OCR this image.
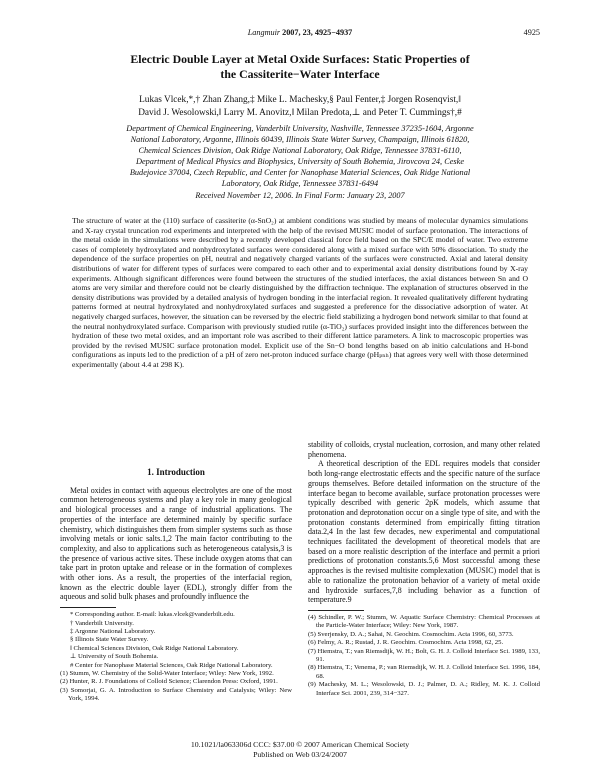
Langmuir 2007, 23, 4925−4937	4925
Electric Double Layer at Metal Oxide Surfaces: Static Properties of
the Cassiterite−Water Interface
Lukas Vlcek,*,† Zhan Zhang,‡ Mike L. Machesky,§ Paul Fenter,‡ Jorgen Rosenqvist,‖
David J. Wesolowski,‖ Larry M. Anovitz,‖ Milan Predota,⊥ and Peter T. Cummings†,#
Department of Chemical Engineering, Vanderbilt University, Nashville, Tennessee 37235-1604, Argonne
National Laboratory, Argonne, Illinois 60439, Illinois State Water Survey, Champaign, Illinois 61820,
Chemical Sciences Division, Oak Ridge National Laboratory, Oak Ridge, Tennessee 37831-6110,
Department of Medical Physics and Biophysics, University of South Bohemia, Jirovcova 24, Ceske
Budejovice 37004, Czech Republic, and Center for Nanophase Material Sciences, Oak Ridge National
Laboratory, Oak Ridge, Tennessee 37831-6494
Received November 12, 2006. In Final Form: January 23, 2007
The structure of water at the (110) surface of cassiterite (α-SnO₂) at ambient conditions was studied by means of molecular dynamics simulations and X-ray crystal truncation rod experiments and interpreted with the help of the revised MUSIC model of surface protonation. The interactions of the metal oxide in the simulations were described by a recently developed classical force field based on the SPC/E model of water. Two extreme cases of completely hydroxylated and nonhydroxylated surfaces were considered along with a mixed surface with 50% dissociation. To study the dependence of the surface properties on pH, neutral and negatively charged variants of the surfaces were constructed. Axial and lateral density distributions of water for different types of surfaces were compared to each other and to experimental axial density distributions found by X-ray experiments. Although significant differences were found between the structures of the studied interfaces, the axial distances between Sn and O atoms are very similar and therefore could not be clearly distinguished by the diffraction technique. The explanation of structures observed in the density distributions was provided by a detailed analysis of hydrogen bonding in the interfacial region. It revealed qualitatively different hydrating patterns formed at neutral hydroxylated and nonhydroxylated surfaces and suggested a preference for the dissociative adsorption of water. At negatively charged surfaces, however, the situation can be reversed by the electric field stabilizing a hydrogen bond network similar to that found at the neutral nonhydroxylated surface. Comparison with previously studied rutile (α-TiO₂) surfaces provided insight into the differences between the hydration of these two metal oxides, and an important role was ascribed to their different lattice parameters. A link to macroscopic properties was provided by the revised MUSIC surface protonation model. Explicit use of the Sn−O bond lengths based on ab initio calculations and H-bond configurations as inputs led to the prediction of a pH of zero net-proton induced surface charge (pHₚₙₕ) that agrees very well with those determined experimentally (about 4.4 at 298 K).
1. Introduction

Metal oxides in contact with aqueous electrolytes are one of the most common heterogeneous systems and play a key role in many geological and biological processes and a range of industrial applications. The properties of the interface are determined mainly by specific surface chemistry, which distinguishes them from simpler systems such as those involving metals or ionic salts.1,2 The main factor contributing to the complexity, and also to applications such as heterogeneous catalysis,3 is the presence of various active sites. These include oxygen atoms that can take part in proton uptake and release or in the formation of complexes with other ions. As a result, the properties of the interfacial region, known as the electric double layer (EDL), strongly differ from the aqueous and solid bulk phases and profoundly influence the

* Corresponding author. E-mail: lukas.vlcek@vanderbilt.edu.
† Vanderbilt University.
‡ Argonne National Laboratory.
§ Illinois State Water Survey.
‖ Chemical Sciences Division, Oak Ridge National Laboratory.
⊥ University of South Bohemia.
# Center for Nanophase Material Sciences, Oak Ridge National Laboratory.
(1) Stumm, W. Chemistry of the Solid-Water Interface; Wiley: New York, 1992.
(2) Hunter, R. J. Foundations of Colloid Science; Clarendon Press: Oxford, 1991.
(3) Somorjai, G. A. Introduction to Surface Chemistry and Catalysis; Wiley: New York, 1994.

stability of colloids, crystal nucleation, corrosion, and many other related phenomena.

A theoretical description of the EDL requires models that consider both long-range electrostatic effects and the specific nature of the surface groups themselves. Before detailed information on the structure of the interface began to become available, surface protonation processes were typically described with generic 2pK models, which assume that protonation and deprotonation occur on a single type of site, and with the protonation constants determined from empirically fitting titration data.2,4 In the last few decades, new experimental and computational techniques facilitated the development of theoretical models that are based on a more realistic description of the interface and permit a priori predictions of protonation constants.5,6 Most successful among these approaches is the revised multisite complexation (MUSIC) model that is able to rationalize the protonation behavior of a variety of metal oxide and hydroxide surfaces,7,8 including behavior as a function of temperature.9

(4) Schindler, P. W.; Stumm, W. Aquatic Surface Chemistry: Chemical Processes at the Particle-Water Interface; Wiley: New York, 1987.
(5) Sverjensky, D. A.; Sahai, N. Geochim. Cosmochim. Acta 1996, 60, 3773.
(6) Felmy, A. R.; Rustad, J. R. Geochim. Cosmochim. Acta 1998, 62, 25.
(7) Hiemstra, T.; van Riemsdijk, W. H.; Bolt, G. H. J. Colloid Interface Sci. 1989, 133, 91.
(8) Hiemstra, T.; Venema, P.; van Riemsdijk, W. H. J. Colloid Interface Sci. 1996, 184, 68.
(9) Machesky, M. L.; Wesolowski, D. J.; Palmer, D. A.; Ridley, M. K. J. Colloid Interface Sci. 2001, 239, 314−327.
10.1021/la063306d CCC: $37.00 © 2007 American Chemical Society
Published on Web 03/24/2007
